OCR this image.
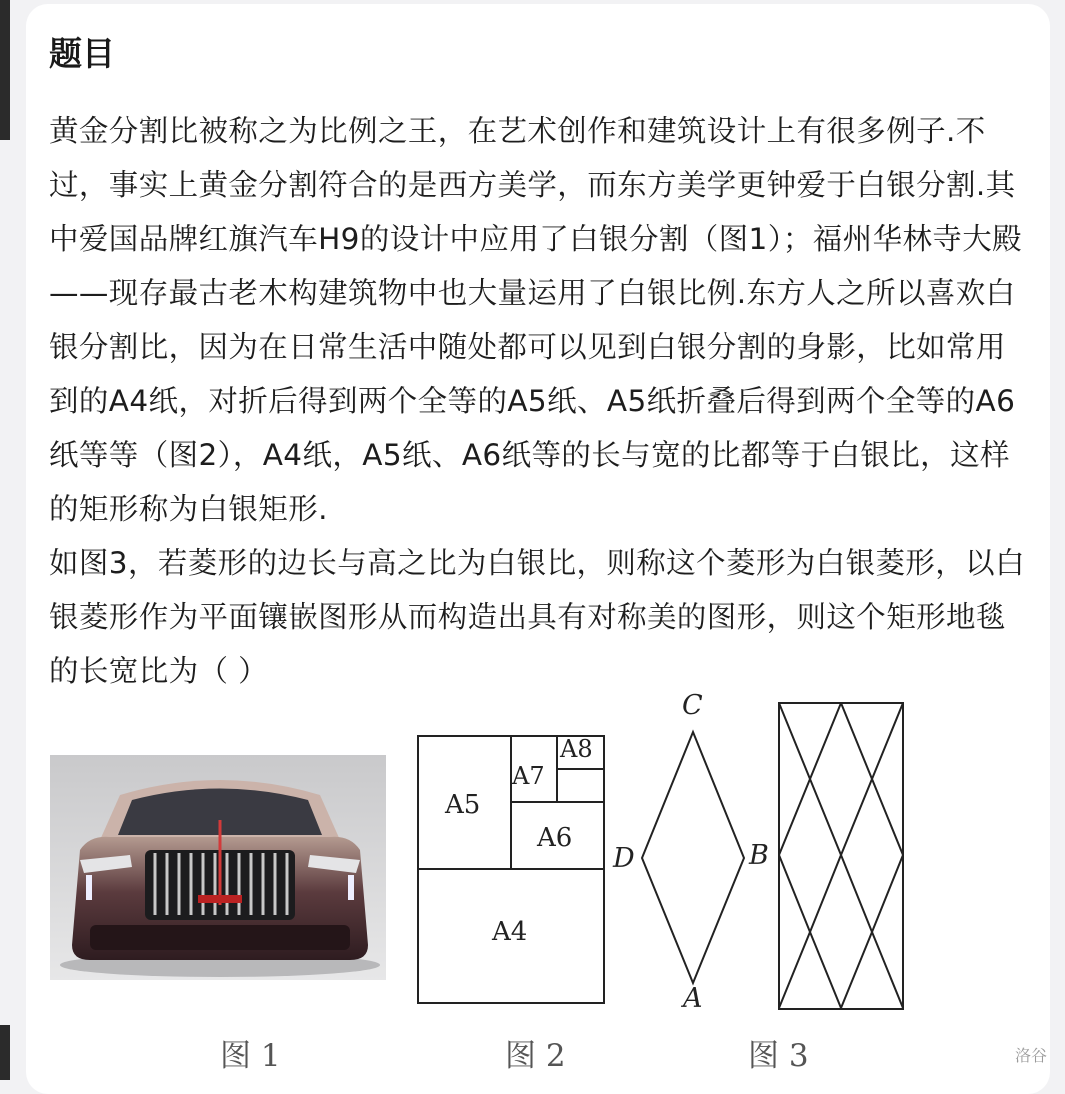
题目

黄金分割比被称之为比例之王，在艺术创作和建筑设计上有很多例子.不过，事实上黄金分割符合的是西方美学，而东方美学更钟爱于白银分割.其中爱国品牌红旗汽车H9的设计中应用了白银分割（图1）；福州华林寺大殿——现存最古老木构建筑物中也大量运用了白银比例.东方人之所以喜欢白银分割比，因为在日常生活中随处都可以见到白银分割的身影，比如常用到的A4纸，对折后得到两个全等的A5纸、A5纸折叠后得到两个全等的A6纸等等（图2），A4纸，A5纸、A6纸等的长与宽的比都等于白银比，这样的矩形称为白银矩形.

如图3，若菱形的边长与高之比为白银比，则称这个菱形为白银菱形，以白银菱形作为平面镶嵌图形从而构造出具有对称美的图形，则这个矩形地毯的长宽比为（ ）

A5
A7
A8
A6
A4
C
B
A
D
图 1	图 2	图 3	洛谷
